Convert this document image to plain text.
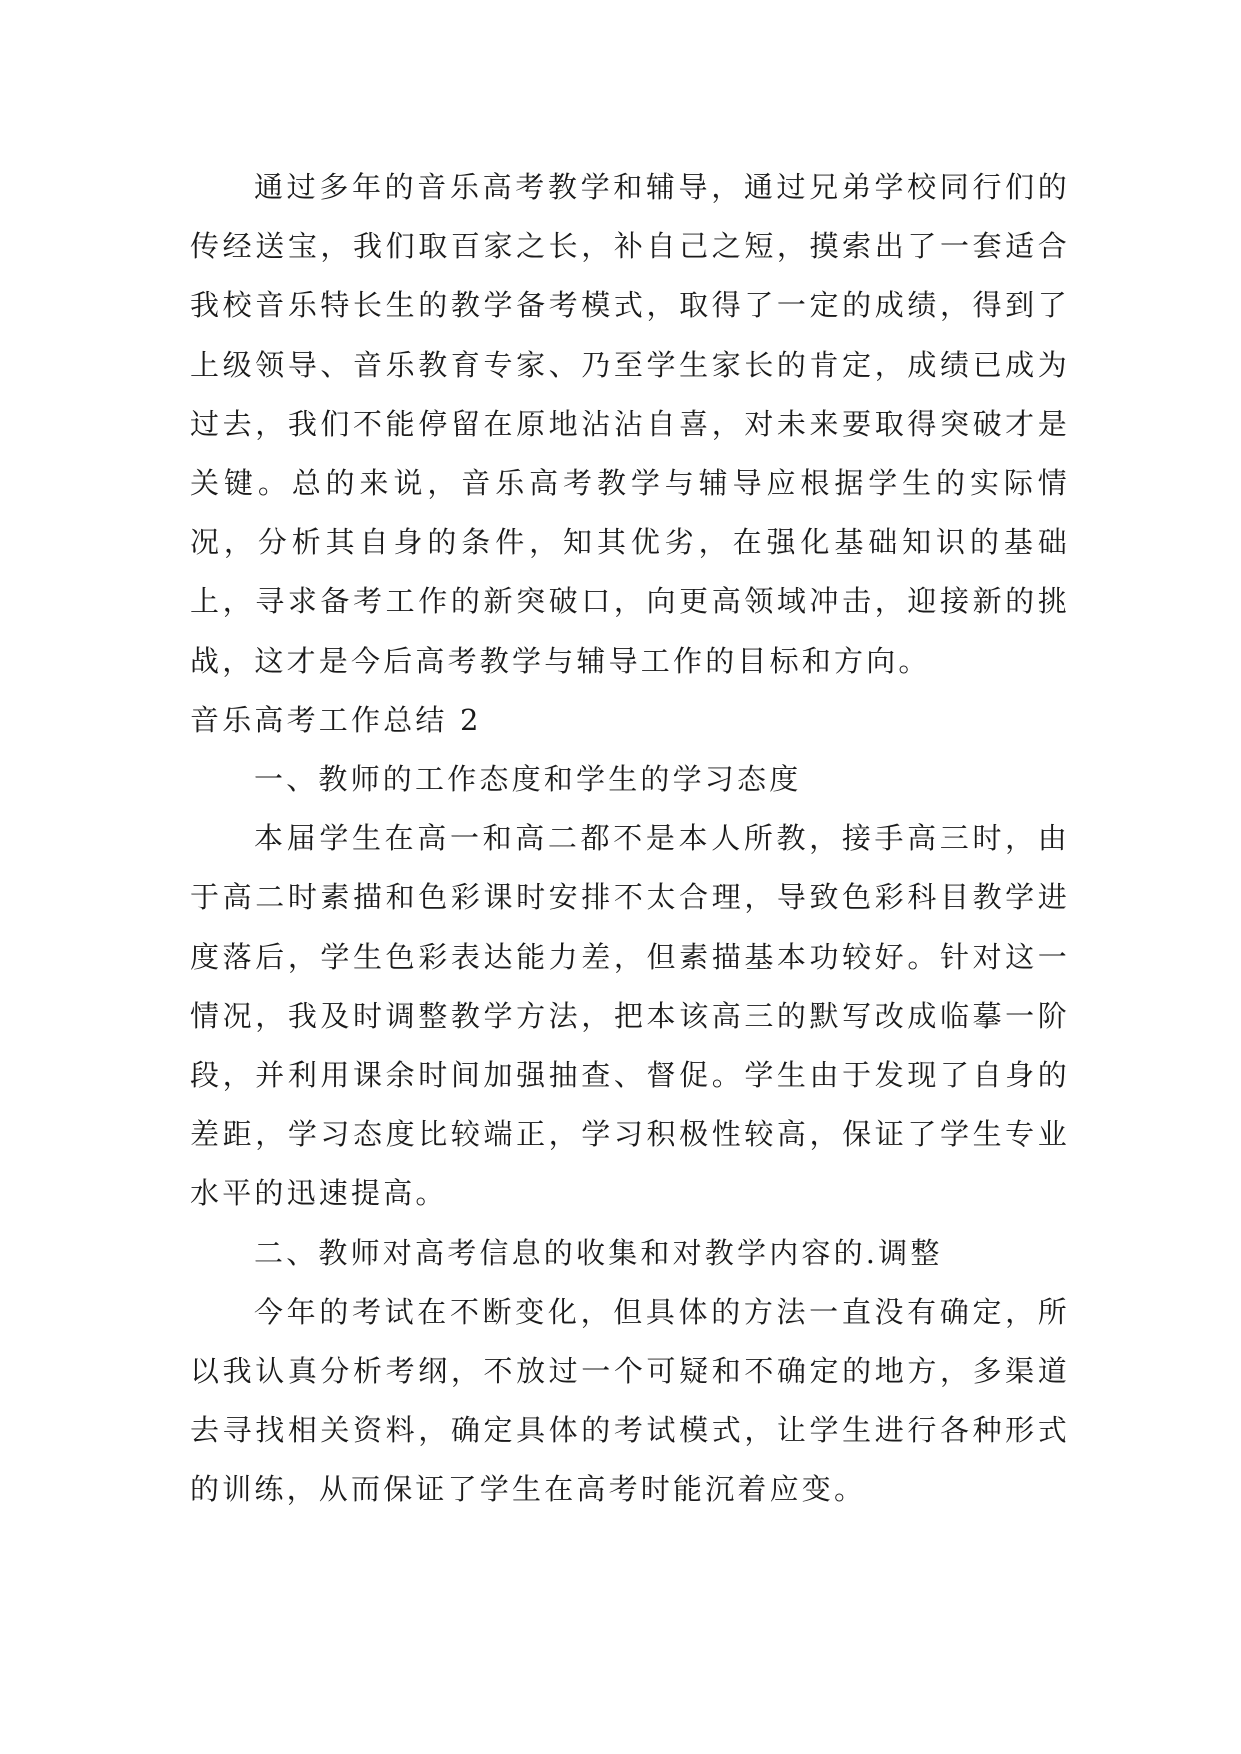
通过多年的音乐高考教学和辅导，通过兄弟学校同行们的传经送宝，我们取百家之长，补自己之短，摸索出了一套适合我校音乐特长生的教学备考模式，取得了一定的成绩，得到了上级领导、音乐教育专家、乃至学生家长的肯定，成绩已成为过去，我们不能停留在原地沾沾自喜，对未来要取得突破才是关键。总的来说，音乐高考教学与辅导应根据学生的实际情况，分析其自身的条件，知其优劣，在强化基础知识的基础上，寻求备考工作的新突破口，向更高领域冲击，迎接新的挑战，这才是今后高考教学与辅导工作的目标和方向。

音乐高考工作总结 2

一、教师的工作态度和学生的学习态度

本届学生在高一和高二都不是本人所教，接手高三时，由于高二时素描和色彩课时安排不太合理，导致色彩科目教学进度落后，学生色彩表达能力差，但素描基本功较好。针对这一情况，我及时调整教学方法，把本该高三的默写改成临摹一阶段，并利用课余时间加强抽查、督促。学生由于发现了自身的差距，学习态度比较端正，学习积极性较高，保证了学生专业水平的迅速提高。

二、教师对高考信息的收集和对教学内容的.调整

今年的考试在不断变化，但具体的方法一直没有确定，所以我认真分析考纲，不放过一个可疑和不确定的地方，多渠道去寻找相关资料，确定具体的考试模式，让学生进行各种形式的训练，从而保证了学生在高考时能沉着应变。
